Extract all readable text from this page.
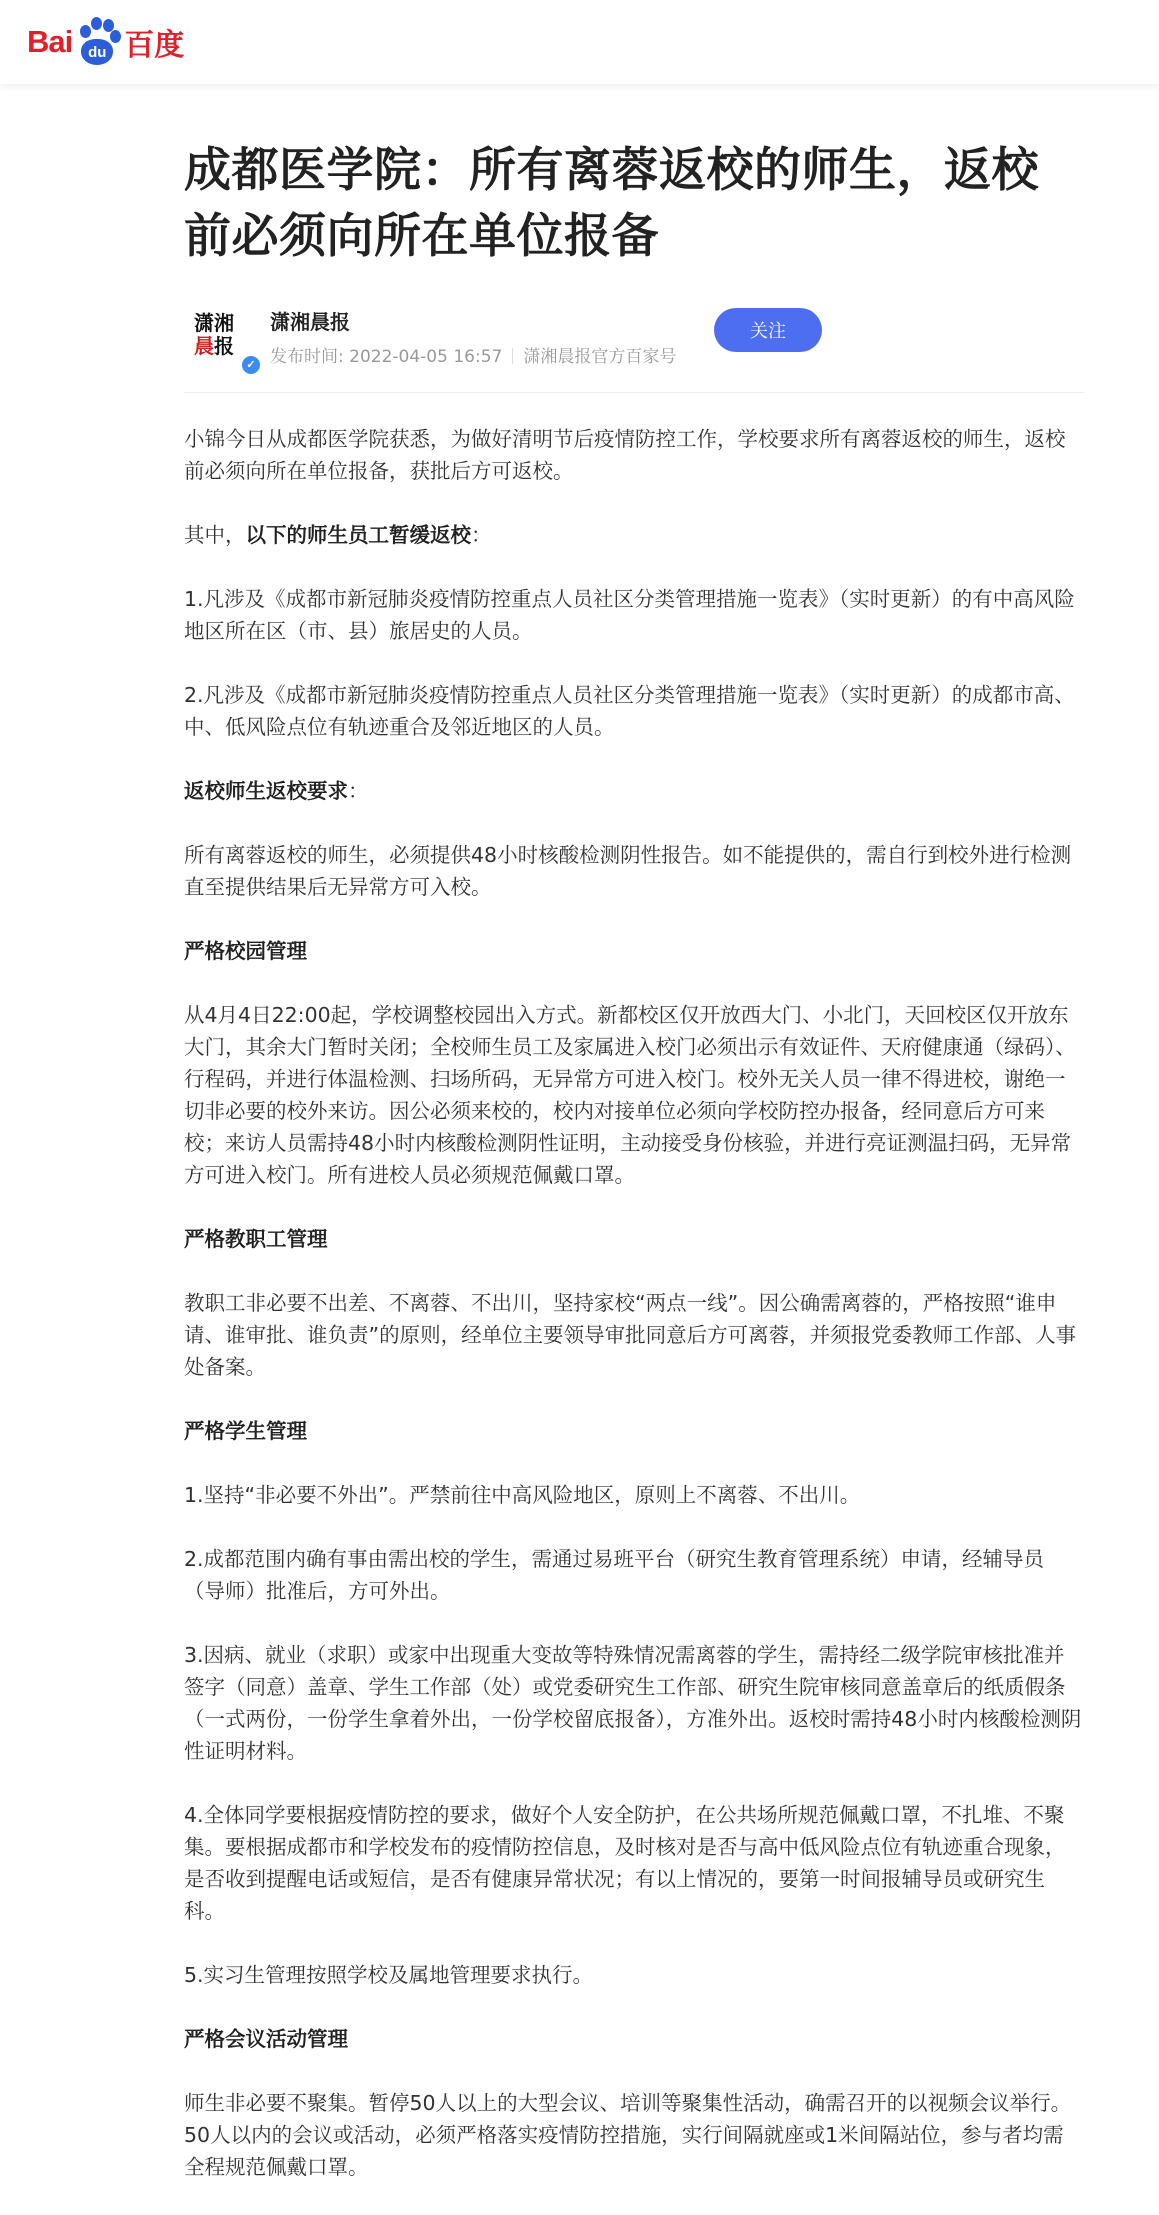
Bai	du 百度
成都医学院：所有离蓉返校的师生，返校前必须向所在单位报备
潇湘
晨报
✓
潇湘晨报
发布时间: 2022-04-05 16:57 潇湘晨报官方百家号
关注

小锦今日从成都医学院获悉，为做好清明节后疫情防控工作，学校要求所有离蓉返校的师生，返校前必须向所在单位报备，获批后方可返校。

其中，以下的师生员工暂缓返校：

1.凡涉及《成都市新冠肺炎疫情防控重点人员社区分类管理措施一览表》（实时更新）的有中高风险地区所在区（市、县）旅居史的人员。

2.凡涉及《成都市新冠肺炎疫情防控重点人员社区分类管理措施一览表》（实时更新）的成都市高、中、低风险点位有轨迹重合及邻近地区的人员。

返校师生返校要求：

所有离蓉返校的师生，必须提供48小时核酸检测阴性报告。如不能提供的，需自行到校外进行检测直至提供结果后无异常方可入校。

严格校园管理

从4月4日22:00起，学校调整校园出入方式。新都校区仅开放西大门、小北门，天回校区仅开放东大门，其余大门暂时关闭；全校师生员工及家属进入校门必须出示有效证件、天府健康通（绿码）、行程码，并进行体温检测、扫场所码，无异常方可进入校门。校外无关人员一律不得进校，谢绝一切非必要的校外来访。因公必须来校的，校内对接单位必须向学校防控办报备，经同意后方可来校；来访人员需持48小时内核酸检测阴性证明，主动接受身份核验，并进行亮证测温扫码，无异常方可进入校门。所有进校人员必须规范佩戴口罩。

严格教职工管理

教职工非必要不出差、不离蓉、不出川，坚持家校“两点一线”。因公确需离蓉的，严格按照“谁申请、谁审批、谁负责”的原则，经单位主要领导审批同意后方可离蓉，并须报党委教师工作部、人事处备案。

严格学生管理

1.坚持“非必要不外出”。严禁前往中高风险地区，原则上不离蓉、不出川。

2.成都范围内确有事由需出校的学生，需通过易班平台（研究生教育管理系统）申请，经辅导员（导师）批准后，方可外出。

3.因病、就业（求职）或家中出现重大变故等特殊情况需离蓉的学生，需持经二级学院审核批准并签字（同意）盖章、学生工作部（处）或党委研究生工作部、研究生院审核同意盖章后的纸质假条（一式两份，一份学生拿着外出，一份学校留底报备），方准外出。返校时需持48小时内核酸检测阴性证明材料。

4.全体同学要根据疫情防控的要求，做好个人安全防护，在公共场所规范佩戴口罩，不扎堆、不聚集。要根据成都市和学校发布的疫情防控信息，及时核对是否与高中低风险点位有轨迹重合现象，是否收到提醒电话或短信，是否有健康异常状况；有以上情况的，要第一时间报辅导员或研究生科。

5.实习生管理按照学校及属地管理要求执行。

严格会议活动管理

师生非必要不聚集。暂停50人以上的大型会议、培训等聚集性活动，确需召开的以视频会议举行。50人以内的会议或活动，必须严格落实疫情防控措施，实行间隔就座或1米间隔站位，参与者均需全程规范佩戴口罩。
